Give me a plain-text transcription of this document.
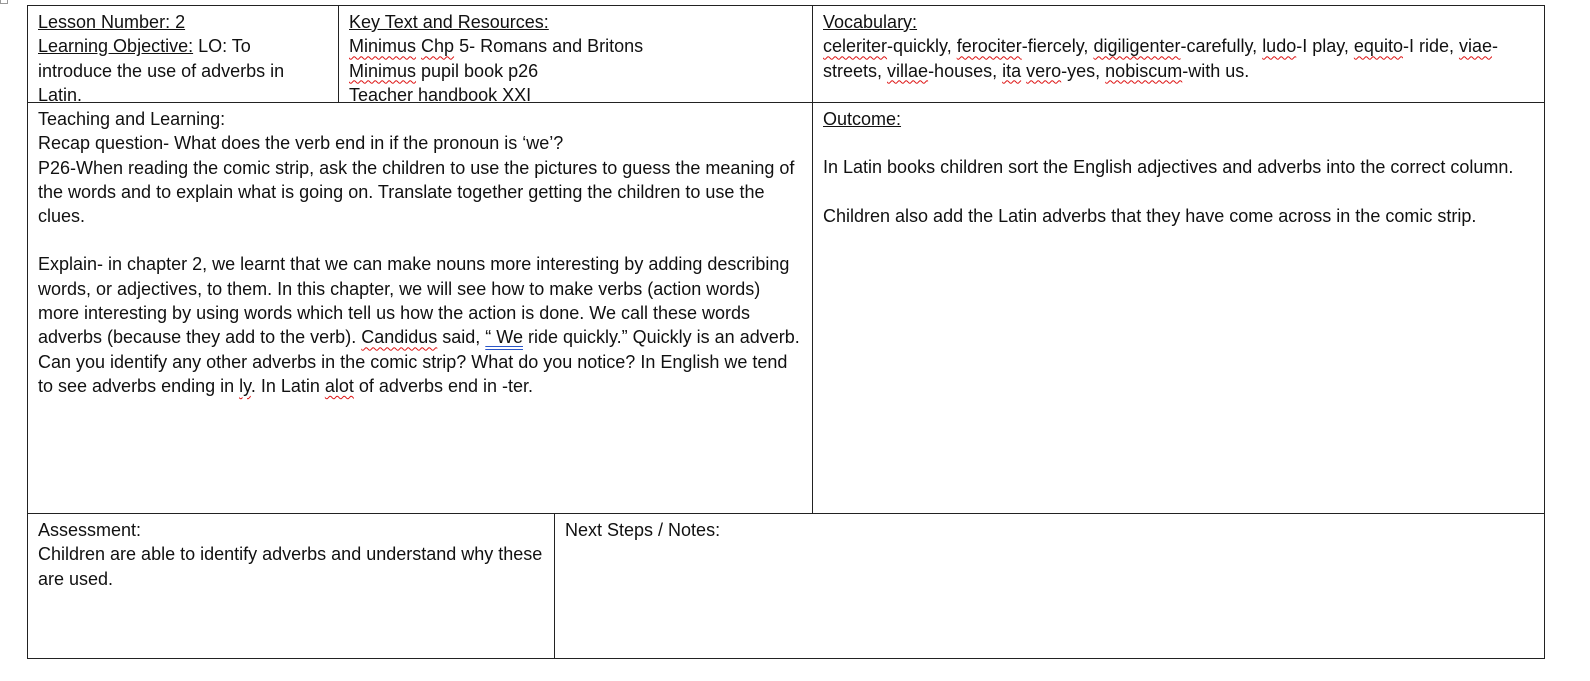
Lesson Number: 2

Learning Objective: LO: To introduce the use of adverbs in Latin.

Key Text and Resources:

Minimus Chp 5- Romans and Britons

Minimus pupil book p26

Teacher handbook XXI

Vocabulary:

celeriter-quickly, ferociter-fiercely, digiligenter-carefully, ludo-I play, equito-I ride, viae-streets, villae-houses, ita vero-yes, nobiscum-with us.

Teaching and Learning:

Recap question- What does the verb end in if the pronoun is ‘we’?

P26-When reading the comic strip, ask the children to use the pictures to guess the meaning of the words and to explain what is going on. Translate together getting the children to use the clues.

Explain- in chapter 2, we learnt that we can make nouns more interesting by adding describing words, or adjectives, to them. In this chapter, we will see how to make verbs (action words) more interesting by using words which tell us how the action is done. We call these words adverbs (because they add to the verb). Candidus said, “ We ride quickly.” Quickly is an adverb. Can you identify any other adverbs in the comic strip? What do you notice? In English we tend to see adverbs ending in ly. In Latin alot of adverbs end in -ter.

Outcome:

In Latin books children sort the English adjectives and adverbs into the correct column.

Children also add the Latin adverbs that they have come across in the comic strip.

Assessment:

Children are able to identify adverbs and understand why these are used.

Next Steps / Notes:
